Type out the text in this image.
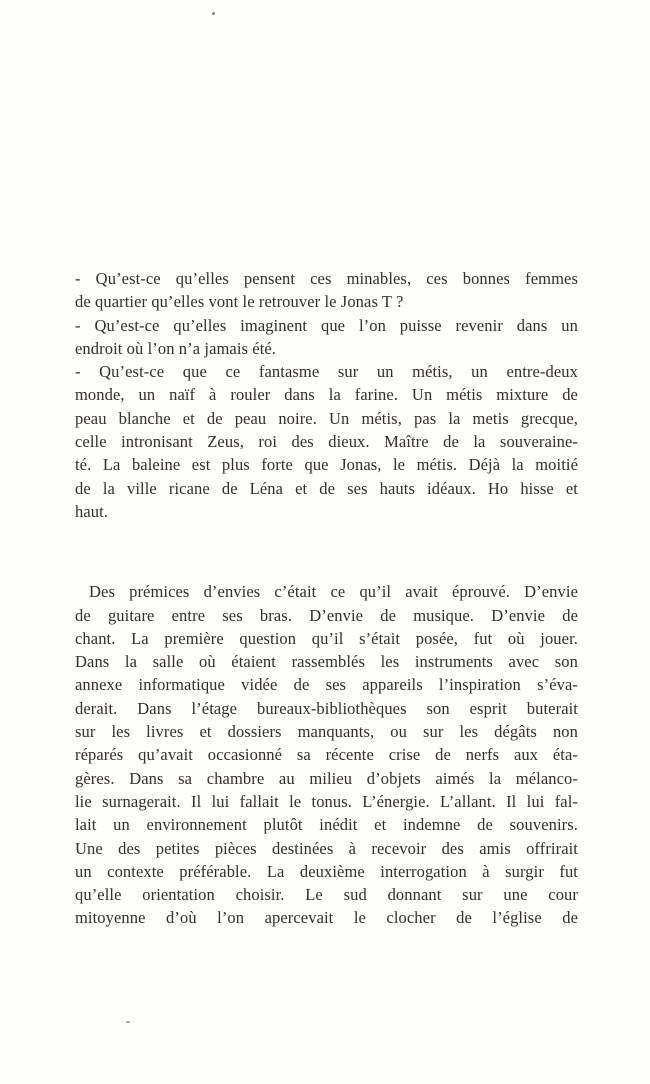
- Qu’est-ce qu’elles pensent ces minables, ces bonnes femmes
de quartier qu’elles vont le retrouver le Jonas T ?
- Qu’est-ce qu’elles imaginent que l’on puisse revenir dans un
endroit où l’on n’a jamais été.
- Qu’est-ce que ce fantasme sur un métis, un entre-deux
monde, un naïf à rouler dans la farine. Un métis mixture de
peau blanche et de peau noire. Un métis, pas la metis grecque,
celle intronisant Zeus, roi des dieux. Maître de la souveraine-
té. La baleine est plus forte que Jonas, le métis. Déjà la moitié
de la ville ricane de Léna et de ses hauts idéaux. Ho hisse et
haut.
Des prémices d’envies c’était ce qu’il avait éprouvé. D’envie
de guitare entre ses bras. D’envie de musique. D’envie de
chant. La première question qu’il s’était posée, fut où jouer.
Dans la salle où étaient rassemblés les instruments avec son
annexe informatique vidée de ses appareils l’inspiration s’éva-
derait. Dans l’étage bureaux-bibliothèques son esprit buterait
sur les livres et dossiers manquants, ou sur les dégâts non
réparés qu’avait occasionné sa récente crise de nerfs aux éta-
gères. Dans sa chambre au milieu d’objets aimés la mélanco-
lie surnagerait. Il lui fallait le tonus. L’énergie. L’allant. Il lui fal-
lait un environnement plutôt inédit et indemne de souvenirs.
Une des petites pièces destinées à recevoir des amis offrirait
un contexte préférable. La deuxième interrogation à surgir fut
qu’elle orientation choisir. Le sud donnant sur une cour
mitoyenne d’où l’on apercevait le clocher de l’église de
